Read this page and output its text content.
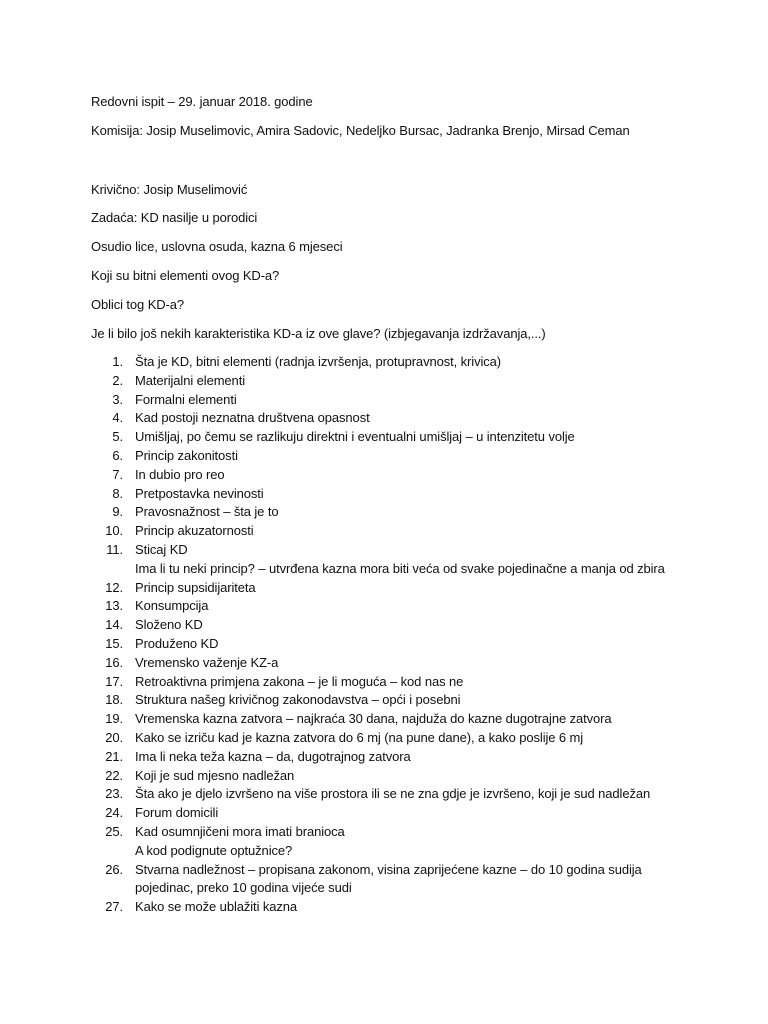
Redovni ispit – 29. januar 2018. godine
Komisija: Josip Muselimovic, Amira Sadovic, Nedeljko Bursac, Jadranka Brenjo, Mirsad Ceman
Krivično: Josip Muselimović
Zadaća: KD nasilje u porodici
Osudio lice, uslovna osuda, kazna 6 mjeseci
Koji su bitni elementi ovog KD-a?
Oblici tog KD-a?
Je li bilo još nekih karakteristika KD-a iz ove glave? (izbjegavanja izdržavanja,...)
1. Šta je KD, bitni elementi (radnja izvršenja, protupravnost, krivica)
2. Materijalni elementi
3. Formalni elementi
4. Kad postoji neznatna društvena opasnost
5. Umišljaj, po čemu se razlikuju direktni i eventualni umišljaj – u intenzitetu volje
6. Princip zakonitosti
7. In dubio pro reo
8. Pretpostavka nevinosti
9. Pravosnažnost – šta je to
10. Princip akuzatornosti
11. Sticaj KD
Ima li tu neki princip? – utvrđena kazna mora biti veća od svake pojedinačne a manja od zbira
12. Princip supsidijariteta
13. Konsumpcija
14. Složeno KD
15. Produženo KD
16. Vremensko važenje KZ-a
17. Retroaktivna primjena zakona – je li moguća – kod nas ne
18. Struktura našeg krivičnog zakonodavstva – opći i posebni
19. Vremenska kazna zatvora – najkraća 30 dana, najduža do kazne dugotrajne zatvora
20. Kako se izriču kad je kazna zatvora do 6 mj (na pune dane), a kako poslije 6 mj
21. Ima li neka teža kazna – da, dugotrajnog zatvora
22. Koji je sud mjesno nadležan
23. Šta ako je djelo izvršeno na više prostora ili se ne zna gdje je izvršeno, koji je sud nadležan
24. Forum domicili
25. Kad osumnjičeni mora imati branioca
A kod podignute optužnice?
26. Stvarna nadležnost – propisana zakonom, visina zaprijećene kazne – do 10 godina sudija
pojedinac, preko 10 godina vijeće sudi
27. Kako se može ublažiti kazna
